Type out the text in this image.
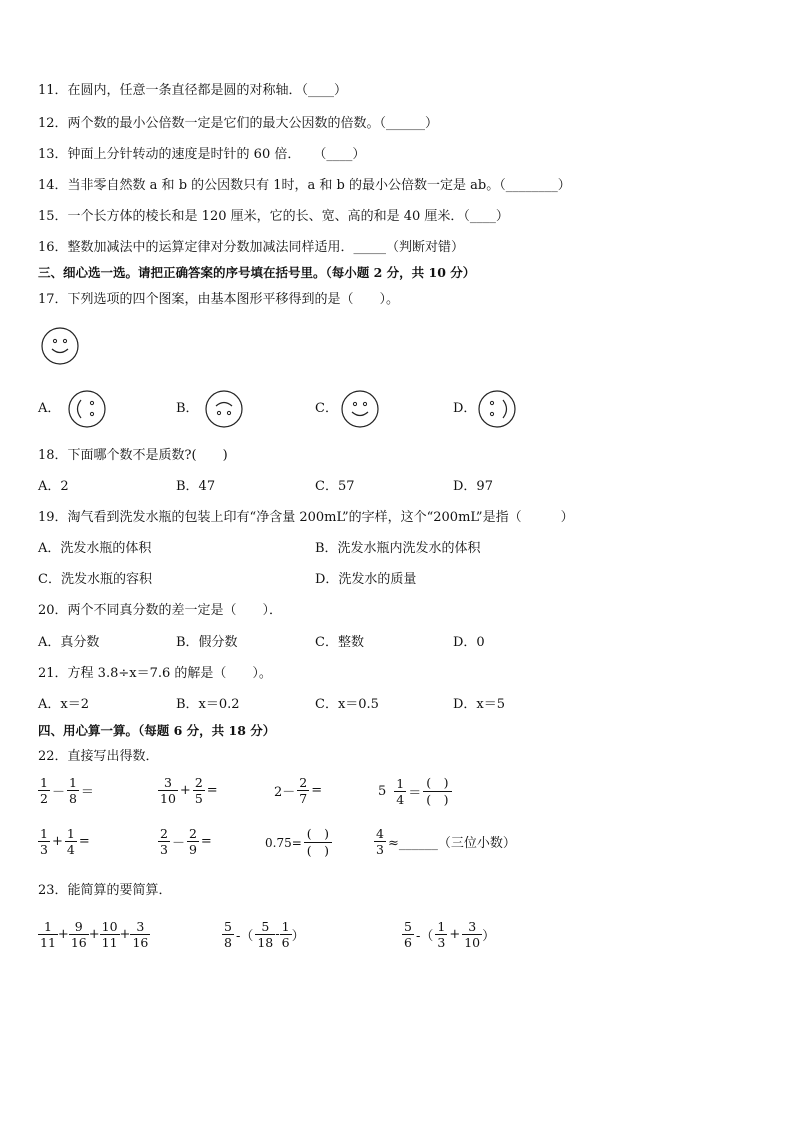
11．在圆内，任意一条直径都是圆的对称轴．（____）
12．两个数的最小公倍数一定是它们的最大公因数的倍数。（______）
13．钟面上分针转动的速度是时针的 60 倍．　　（____）
14．当非零自然数 a 和 b 的公因数只有 1时，a 和 b 的最小公倍数一定是 ab。（________）
15．一个长方体的棱长和是 120 厘米，它的长、宽、高的和是 40 厘米．（____）
16．整数加减法中的运算定律对分数加减法同样适用．_____（判断对错）
三、细心选一选。请把正确答案的序号填在括号里。（每小题 2 分，共 10 分）
17．下列选项的四个图案，由基本图形平移得到的是（　　）。
A．	B．	C．	D．
18．下面哪个数不是质数?(　　)
A．2	B．47	C．57	D．97
19．淘气看到洗发水瓶的包装上印有“净含量 200mL”的字样，这个“200mL”是指（　　　）
A．洗发水瓶的体积	B．洗发水瓶内洗发水的体积
C．洗发水瓶的容积	D．洗发水的质量
20．两个不同真分数的差一定是（　　）．
A．真分数	B．假分数	C．整数	D．0
21．方程 3.8÷x＝7.6 的解是（　　）。
A．x＝2	B．x＝0.2	C．x＝0.5	D．x＝5
四、用心算一算。（每题 6 分，共 18 分）
22．直接写出得数．
$\frac{1}{2} - \frac{1}{8}$ ＝	$\frac{3}{10} + \frac{2}{5}$ =	$2- \frac{2}{7}$ =	$5 \frac{1}{4} = \frac{( )}{( )}$
$\frac{1}{3} + \frac{1}{4}$ =	$\frac{2}{3} - \frac{2}{9}$ =	$0.75= \frac{( )}{( )}$	$\frac{4}{3}$ ≈______（三位小数）
23．能简算的要简算．
$\frac{1}{11} + \frac{9}{16} + \frac{10}{11} + \frac{3}{16}$	$\frac{5}{8}$ -（ $\frac{5}{18} - \frac{1}{6}$ ）	$\frac{5}{6}$ -（ $\frac{1}{3} + \frac{3}{10}$ ）
